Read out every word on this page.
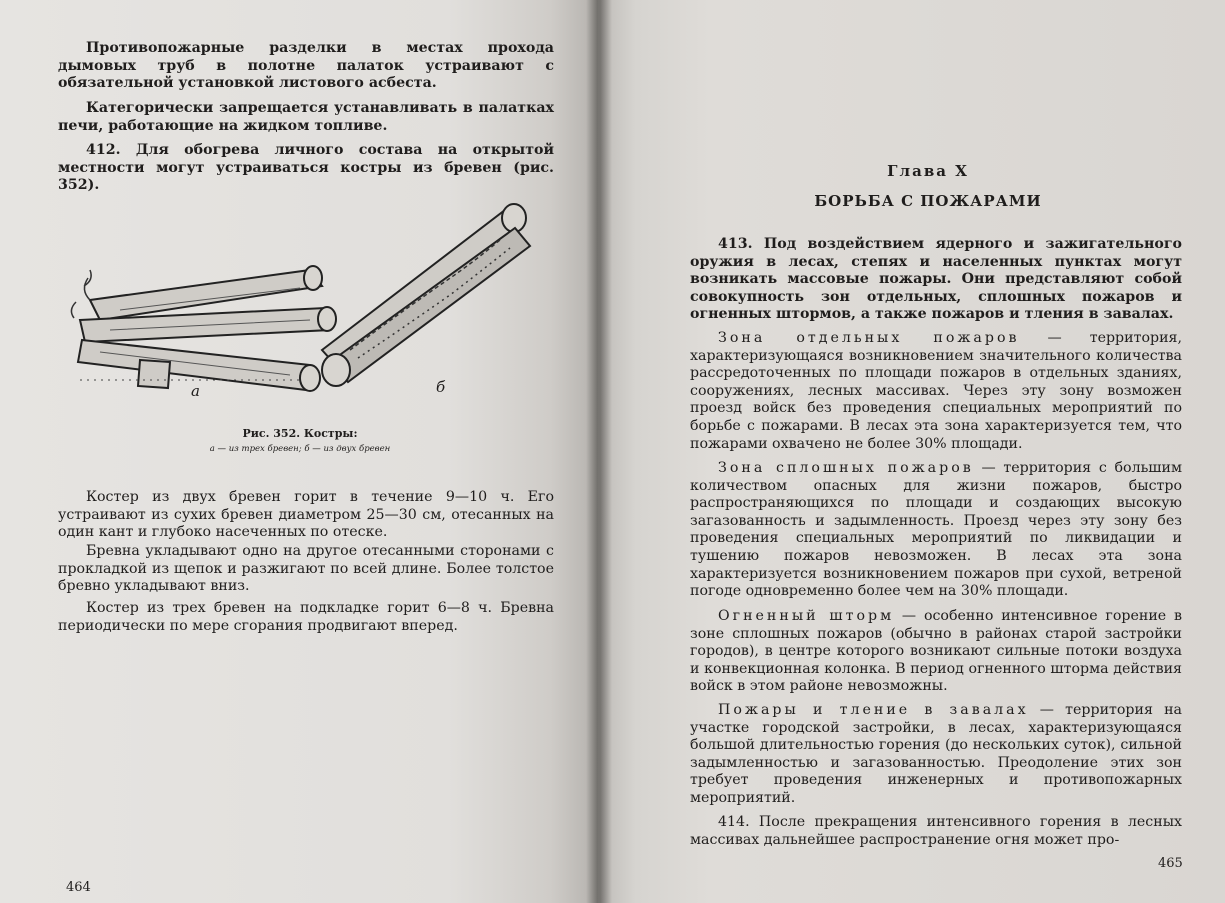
Противопожарные разделки в местах прохода дымовых труб в полотне палаток устраивают с обязательной установкой листового асбеста.

Категорически запрещается устанавливать в палатках печи, работающие на жидком топливе.

412. Для обогрева личного состава на открытой местности могут устраиваться костры из бревен (рис. 352).

а	б

Рис. 352. Костры:

а — из трех бревен; б — из двух бревен

Костер из двух бревен горит в течение 9—10 ч. Его устраивают из сухих бревен диаметром 25—30 см, отесанных на один кант и глубоко насеченных по отеске.

Бревна укладывают одно на другое отесанными сторонами с прокладкой из щепок и разжигают по всей длине. Более толстое бревно укладывают вниз.

Костер из трех бревен на подкладке горит 6—8 ч. Бревна периодически по мере сгорания продвигают вперед.

464

Глава X

БОРЬБА С ПОЖАРАМИ

413. Под воздействием ядерного и зажигательного оружия в лесах, степях и населенных пунктах могут возникать массовые пожары. Они представляют собой совокупность зон отдельных, сплошных пожаров и огненных штормов, а также пожаров и тления в завалах.

Зона отдельных пожаров — территория, характеризующаяся возникновением значительного количества рассредоточенных по площади пожаров в отдельных зданиях, сооружениях, лесных массивах. Через эту зону возможен проезд войск без проведения специальных мероприятий по борьбе с пожарами. В лесах эта зона характеризуется тем, что пожарами охвачено не более 30% площади.

Зона сплошных пожаров — территория с большим количеством опасных для жизни пожаров, быстро распространяющихся по площади и создающих высокую загазованность и задымленность. Проезд через эту зону без проведения специальных мероприятий по ликвидации и тушению пожаров невозможен. В лесах эта зона характеризуется возникновением пожаров при сухой, ветреной погоде одновременно более чем на 30% площади.

Огненный шторм — особенно интенсивное горение в зоне сплошных пожаров (обычно в районах старой застройки городов), в центре которого возникают сильные потоки воздуха и конвекционная колонка. В период огненного шторма действия войск в этом районе невозможны.

Пожары и тление в завалах — территория на участке городской застройки, в лесах, характеризующаяся большой длительностью горения (до нескольких суток), сильной задымленностью и загазованностью. Преодоление этих зон требует проведения инженерных и противопожарных мероприятий.

414. После прекращения интенсивного горения в лесных массивах дальнейшее распространение огня может про-

465
